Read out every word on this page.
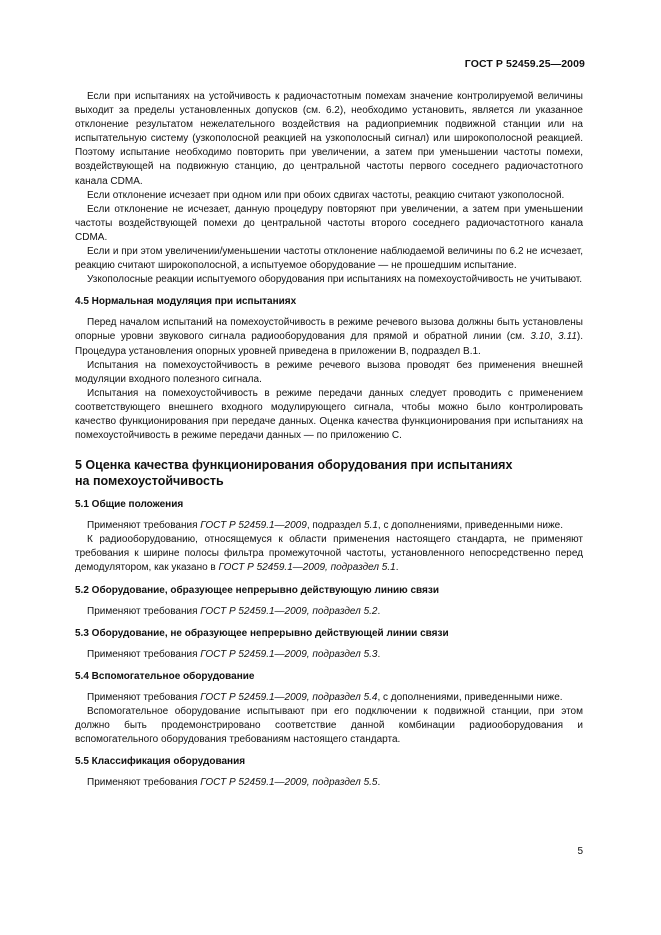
ГОСТ Р 52459.25—2009

Если при испытаниях на устойчивость к радиочастотным помехам значение контролируемой величины выходит за пределы установленных допусков (см. 6.2), необходимо установить, является ли указанное отклонение результатом нежелательного воздействия на радиоприемник подвижной станции или на испытательную систему (узкополосной реакцией на узкополосный сигнал) или широкополосной реакцией. Поэтому испытание необходимо повторить при увеличении, а затем при уменьшении частоты помехи, воздействующей на подвижную станцию, до центральной частоты первого соседнего радиочастотного канала CDMA.

Если отклонение исчезает при одном или при обоих сдвигах частоты, реакцию считают узкополосной.

Если отклонение не исчезает, данную процедуру повторяют при увеличении, а затем при уменьшении частоты воздействующей помехи до центральной частоты второго соседнего радиочастотного канала CDMA.

Если и при этом увеличении/уменьшении частоты отклонение наблюдаемой величины по 6.2 не исчезает, реакцию считают широкополосной, а испытуемое оборудование — не прошедшим испытание.

Узкополосные реакции испытуемого оборудования при испытаниях на помехоустойчивость не учитывают.

4.5 Нормальная модуляция при испытаниях

Перед началом испытаний на помехоустойчивость в режиме речевого вызова должны быть установлены опорные уровни звукового сигнала радиооборудования для прямой и обратной линии (см. 3.10, 3.11). Процедура установления опорных уровней приведена в приложении В, подраздел В.1.

Испытания на помехоустойчивость в режиме речевого вызова проводят без применения внешней модуляции входного полезного сигнала.

Испытания на помехоустойчивость в режиме передачи данных следует проводить с применением соответствующего внешнего входного модулирующего сигнала, чтобы можно было контролировать качество функционирования при передаче данных. Оценка качества функционирования при испытаниях на помехоустойчивость в режиме передачи данных — по приложению С.

5 Оценка качества функционирования оборудования при испытаниях
на помехоустойчивость
5.1 Общие положения

Применяют требования ГОСТ Р 52459.1—2009, подраздел 5.1, с дополнениями, приведенными ниже.

К радиооборудованию, относящемуся к области применения настоящего стандарта, не применяют требования к ширине полосы фильтра промежуточной частоты, установленного непосредственно перед демодулятором, как указано в ГОСТ Р 52459.1—2009, подраздел 5.1.

5.2 Оборудование, образующее непрерывно действующую линию связи

Применяют требования ГОСТ Р 52459.1—2009, подраздел 5.2.

5.3 Оборудование, не образующее непрерывно действующей линии связи

Применяют требования ГОСТ Р 52459.1—2009, подраздел 5.3.

5.4 Вспомогательное оборудование

Применяют требования ГОСТ Р 52459.1—2009, подраздел 5.4, с дополнениями, приведенными ниже.

Вспомогательное оборудование испытывают при его подключении к подвижной станции, при этом должно быть продемонстрировано соответствие данной комбинации радиооборудования и вспомогательного оборудования требованиям настоящего стандарта.

5.5 Классификация оборудования

Применяют требования ГОСТ Р 52459.1—2009, подраздел 5.5.

5
